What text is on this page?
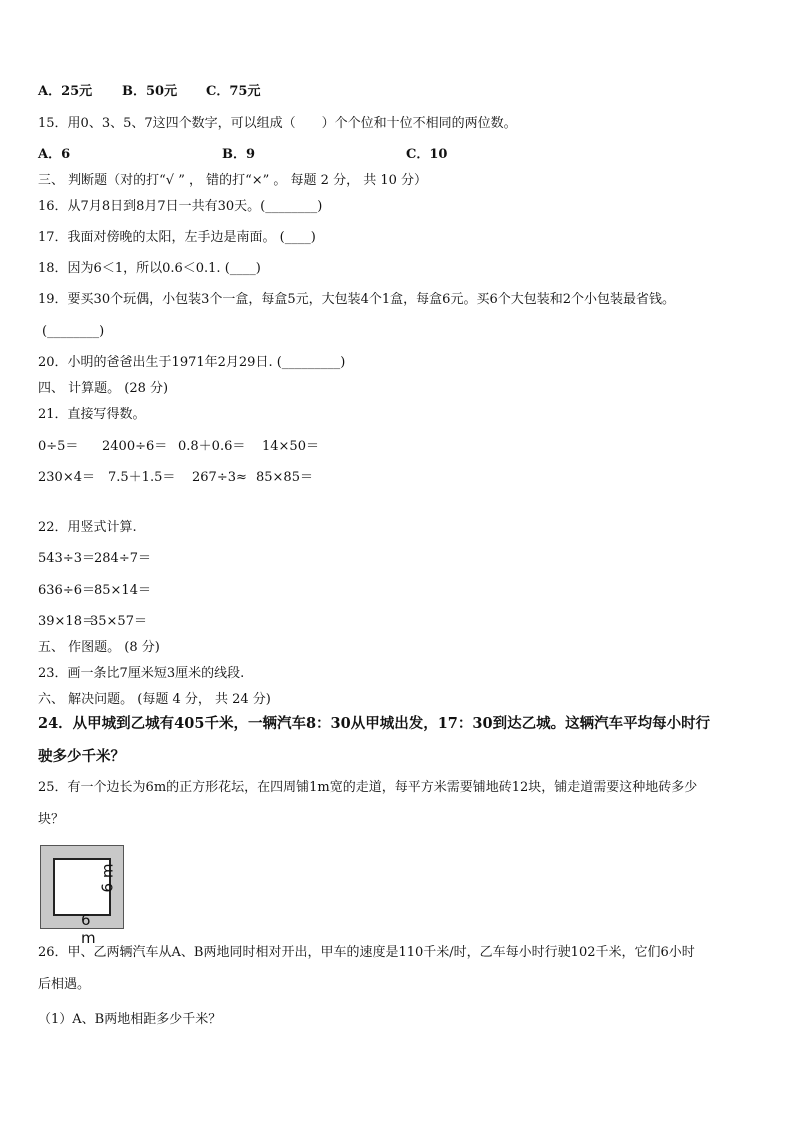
A．25元 B．50元 C．75元
15．用0、3、5、7这四个数字，可以组成（　　）个个位和十位不相同的两位数。
A．6	B．9	C．10
三、 判断题（对的打“√ ” ， 错的打“×” 。 每题 2 分， 共 10 分）
16．从7月8日到8月7日一共有30天。(________)
17．我面对傍晚的太阳，左手边是南面。 (____)
18．因为6＜1，所以0.6＜0.1. (____)
19．要买30个玩偶，小包装3个一盒，每盒5元，大包装4个1盒，每盒6元。买6个大包装和2个小包装最省钱。
(________)
20．小明的爸爸出生于1971年2月29日. (_________)
四、 计算题。 (28 分)
21．直接写得数。
0÷5＝ 2400÷6＝ 0.8＋0.6＝ 14×50＝
230×4＝ 7.5＋1.5＝ 267÷3≈ 85×85＝
22．用竖式计算.
543÷3＝284÷7＝
636÷6＝85×14＝
39×18＝35×57＝
五、 作图题。 (8 分)
23．画一条比7厘米短3厘米的线段.
六、 解决问题。 (每题 4 分， 共 24 分)
24．从甲城到乙城有405千米，一辆汽车8：30从甲城出发，17：30到达乙城。这辆汽车平均每小时行
驶多少千米？
25．有一个边长为6m的正方形花坛，在四周铺1m宽的走道，每平方米需要铺地砖12块，铺走道需要这种地砖多少
块？
6 m
6 m
26．甲、乙两辆汽车从A、B两地同时相对开出，甲车的速度是110千米/时，乙车每小时行驶102千米，它们6小时
后相遇。
（1）A、B两地相距多少千米？
